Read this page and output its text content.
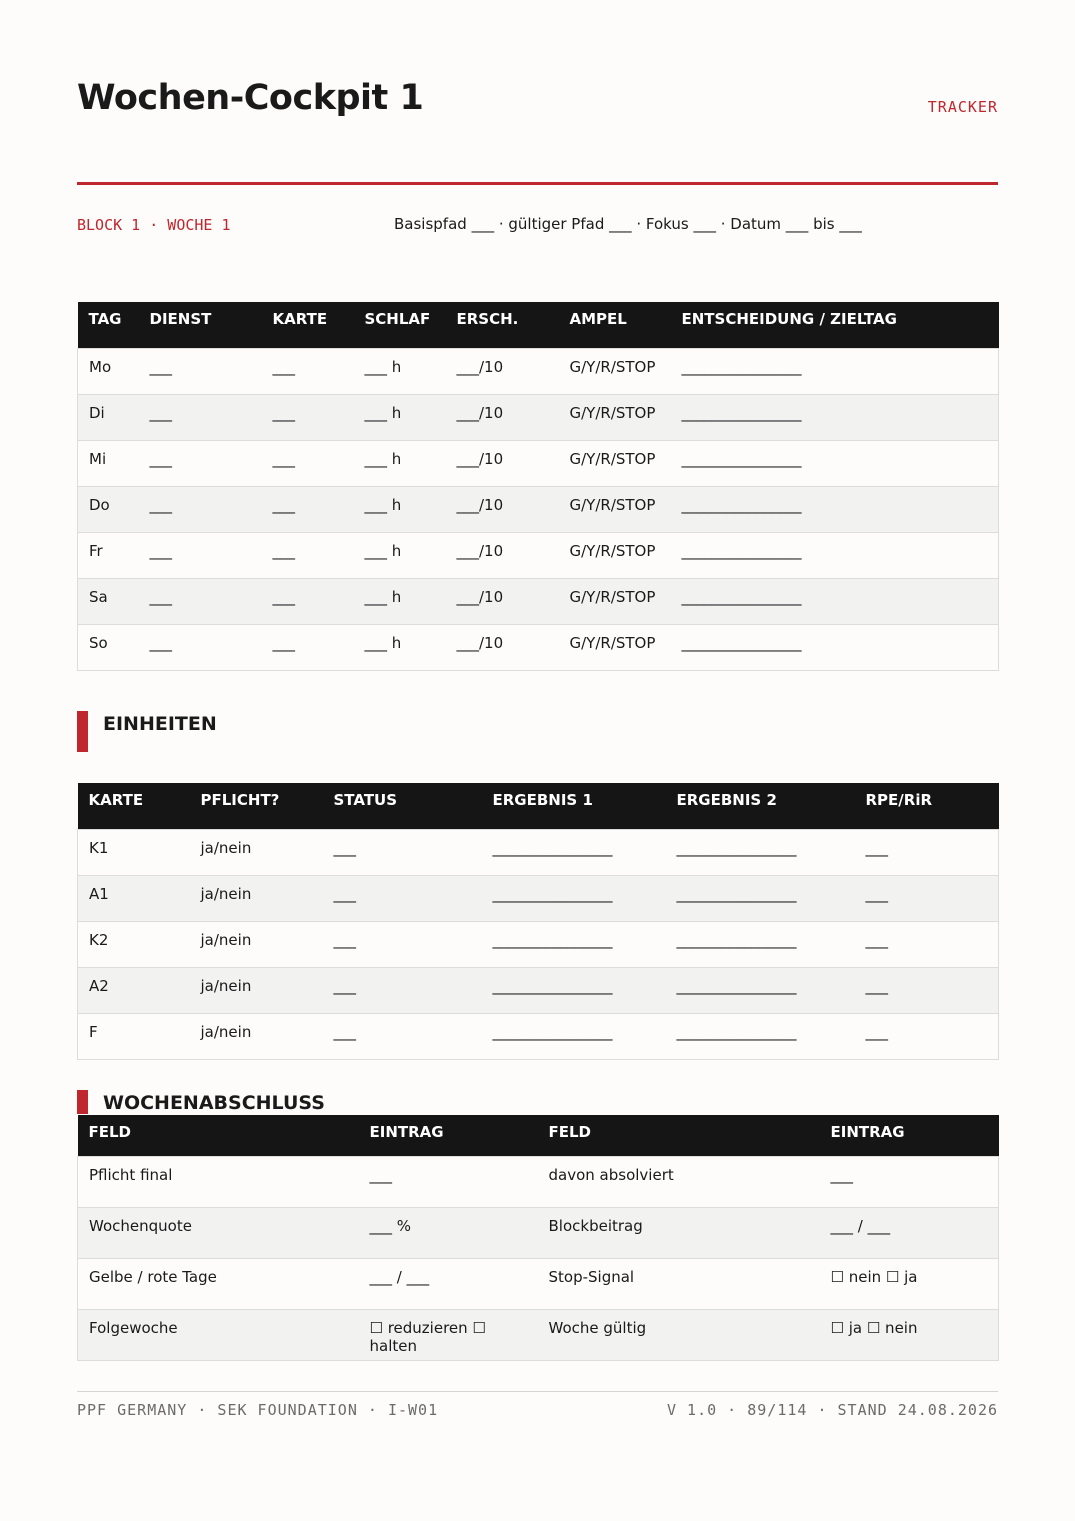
Wochen-Cockpit 1	TRACKER
BLOCK 1 · WOCHE 1	Basispfad ___ · gültiger Pfad ___ · Fokus ___ · Datum ___ bis ___
TAG	DIENST	KARTE	SCHLAF	ERSCH.	AMPEL	ENTSCHEIDUNG / ZIELTAG
Mo	___	___	___ h	___/10	G/Y/R/STOP	________________
Di	___	___	___ h	___/10	G/Y/R/STOP	________________
Mi	___	___	___ h	___/10	G/Y/R/STOP	________________
Do	___	___	___ h	___/10	G/Y/R/STOP	________________
Fr	___	___	___ h	___/10	G/Y/R/STOP	________________
Sa	___	___	___ h	___/10	G/Y/R/STOP	________________
So	___	___	___ h	___/10	G/Y/R/STOP	________________
EINHEITEN
KARTE	PFLICHT?	STATUS	ERGEBNIS 1	ERGEBNIS 2	RPE/RiR
K1	ja/nein	___	________________	________________	___
A1	ja/nein	___	________________	________________	___
K2	ja/nein	___	________________	________________	___
A2	ja/nein	___	________________	________________	___
F	ja/nein	___	________________	________________	___
WOCHENABSCHLUSS
FELD	EINTRAG	FELD	EINTRAG
Pflicht final	___	davon absolviert	___
Wochenquote	___ %	Blockbeitrag	___ / ___
Gelbe / rote Tage	___ / ___	Stop-Signal	☐ nein ☐ ja
Folgewoche	☐ reduzieren ☐ halten	Woche gültig	☐ ja ☐ nein
PPF GERMANY · SEK FOUNDATION · I-W01	V 1.0 · 89/114 · STAND 24.08.2026
